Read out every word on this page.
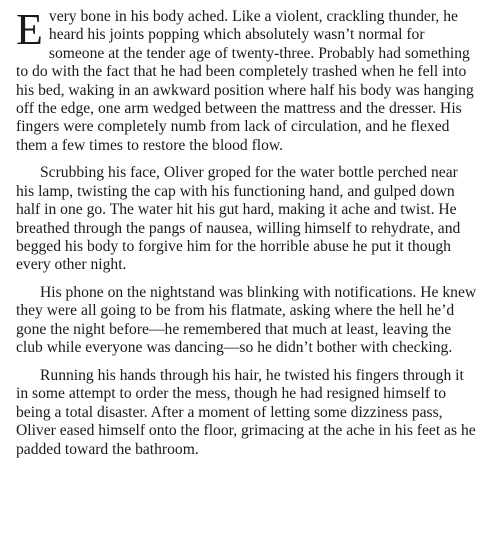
Every bone in his body ached. Like a violent, crackling thunder, he heard his joints popping which absolutely wasn’t normal for someone at the tender age of twenty-three. Probably had something to do with the fact that he had been completely trashed when he fell into his bed, waking in an awkward position where half his body was hanging off the edge, one arm wedged between the mattress and the dresser. His fingers were completely numb from lack of circulation, and he flexed them a few times to restore the blood flow.

Scrubbing his face, Oliver groped for the water bottle perched near his lamp, twisting the cap with his functioning hand, and gulped down half in one go. The water hit his gut hard, making it ache and twist. He breathed through the pangs of nausea, willing himself to rehydrate, and begged his body to forgive him for the horrible abuse he put it though every other night.

His phone on the nightstand was blinking with notifications. He knew they were all going to be from his flatmate, asking where the hell he’d gone the night before—he remembered that much at least, leaving the club while everyone was dancing—so he didn’t bother with checking.

Running his hands through his hair, he twisted his fingers through it in some attempt to order the mess, though he had resigned himself to being a total disaster. After a moment of letting some dizziness pass, Oliver eased himself onto the floor, grimacing at the ache in his feet as he padded toward the bathroom.
